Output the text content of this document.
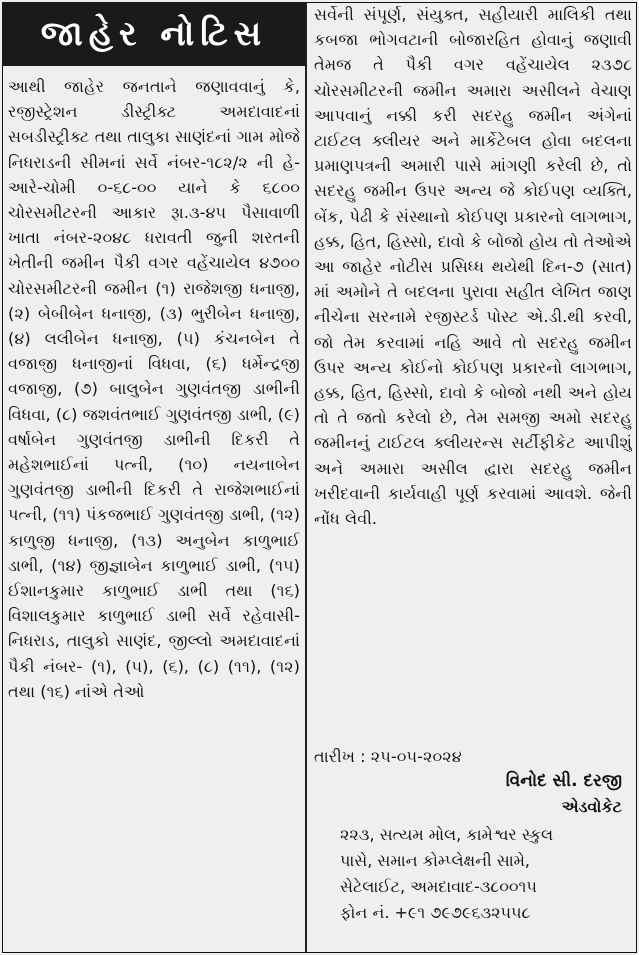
જાહેર નોટિસ

આથી જાહેર જનતાને જણાવવાનું કે, રજીસ્ટ્રેશન ડીસ્ટ્રીક્ટ અમદાવાદનાં સબડીસ્ટ્રીક્ટ તથા તાલુકા સાણંદનાં ગામ મોજે નિધરાડની સીમનાં સર્વે નંબર-૧૮૨/૨ ની હે-આરે-ચોમી ૦-૬૮-૦૦ યાને કે ૬૮૦૦ ચોરસમીટરની આકાર રૂા.૩-૪૫ પૈસાવાળી ખાતા નંબર-૨૦૪૮ ધરાવતી જુની શરતની ખેતીની જમીન પૈકી વગર વહેંચાયેલ ૪૭૦૦ ચોરસમીટરની જમીન (૧) રાજેશજી ધનાજી, (૨) બેબીબેન ધનાજી, (૩) ભુરીબેન ધનાજી, (૪) લલીબેન ધનાજી, (૫) કંચનબેન તે વજાજી ધનાજીનાં વિધવા, (૬) ધર્મેન્દ્રજી વજાજી, (૭) બાલુબેન ગુણવંતજી ડાભીની વિધવા, (૮) જશવંતભાઈ ગુણવંતજી ડાભી, (૯) વર્ષાબેન ગુણવંતજી ડાભીની દિકરી તે મહેશભાઈનાં પત્ની, (૧૦) નયનાબેન ગુણવંતજી ડાભીની દિકરી તે રાજેશભાઈનાં પત્ની, (૧૧) પંકજભાઈ ગુણવંતજી ડાભી, (૧૨) કાળુજી ધનાજી, (૧૩) અનુબેન કાળુભાઈ ડાભી, (૧૪) જીજ્ઞાબેન કાળુભાઈ ડાભી, (૧૫) ઈશાનકુમાર કાળુભાઈ ડાભી તથા (૧૬) વિશાલકુમાર કાળુભાઈ ડાભી સર્વે રહેવાસી-નિધરાડ, તાલુકો સાણંદ, જીલ્લો અમદાવાદનાં પૈકી નંબર- (૧), (૫), (૬), (૮) (૧૧), (૧૨) તથા (૧૬) નાંએ તેઓ

સર્વેની સંપૂર્ણ, સંયુક્ત, સહીયારી માલિકી તથા કબજા ભોગવટાની બોજારહિત હોવાનું જણાવી તેમજ તે પૈકી વગર વહેંચાયેલ ૨૩૭૮ ચોરસમીટરની જમીન અમારા અસીલને વેચાણ આપવાનું નક્કી કરી સદરહુ જમીન અંગેનાં ટાઈટલ ક્લીયર અને માર્કેટેબલ હોવા બદલના પ્રમાણપત્રની અમારી પાસે માંગણી કરેલી છે, તો સદરહુ જમીન ઉપર અન્ય જે કોઈપણ વ્યક્તિ, બેંક, પેઢી કે સંસ્થાનો કોઈપણ પ્રકારનો લાગભાગ, હક્ક, હિત, હિસ્સો, દાવો કે બોજો હોય તો તેઓએ આ જાહેર નોટીસ પ્રસિધ્ધ થયેથી દિન-૭ (સાત) માં અમોને તે બદલના પુરાવા સહીત લેખિત જાણ નીચેના સરનામે રજીસ્ટર્ડ પોસ્ટ એ.ડી.થી કરવી, જો તેમ કરવામાં નહિ આવે તો સદરહુ જમીન ઉપર અન્ય કોઈનો કોઈપણ પ્રકારનો લાગભાગ, હક્ક, હિત, હિસ્સો, દાવો કે બોજો નથી અને હોય તો તે જતો કરેલો છે, તેમ સમજી અમો સદરહુ જમીનનું ટાઈટલ ક્લીયરન્સ સર્ટીફીકેટ આપીશું અને અમારા અસીલ દ્વારા સદરહુ જમીન ખરીદવાની કાર્યવાહી પૂર્ણ કરવામાં આવશે. જેની નોંધ લેવી.

તારીખ : ૨૫-૦૫-૨૦૨૪
વિનોદ સી. દરજી
એડવોકેટ
૨૨૩, સત્યમ મોલ, કામેશ્વર સ્કુલ
પાસે, સમાન કોમ્પ્લેક્ષની સામે,
સેટેલાઈટ, અમદાવાદ-૩૮૦૦૧૫
ફોન નં. +૯૧ ૭૯૭૯૬૩૨૫૫૮
